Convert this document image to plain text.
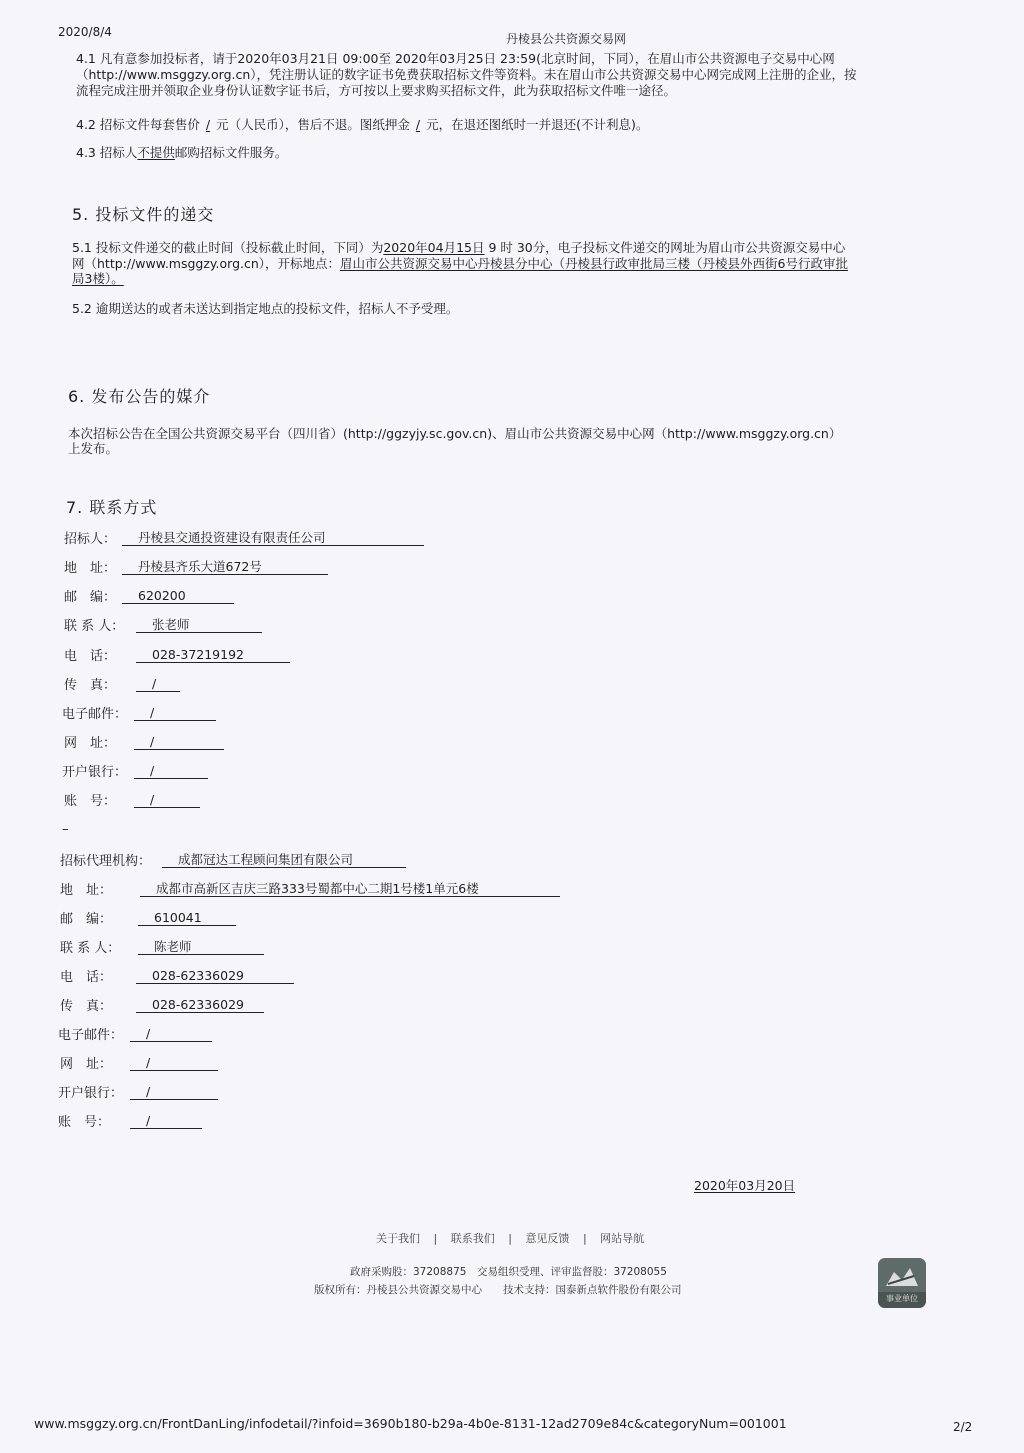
2020/8/4	丹棱县公共资源交易网
4.1 凡有意参加投标者，请于2020年03月21日 09:00至 2020年03月25日 23:59(北京时间，下同），在眉山市公共资源电子交易中心网
（http://www.msggzy.org.cn），凭注册认证的数字证书免费获取招标文件等资料。未在眉山市公共资源交易中心网完成网上注册的企业，按
流程完成注册并领取企业身份认证数字证书后，方可按以上要求购买招标文件，此为获取招标文件唯一途径。
4.2 招标文件每套售价 / 元（人民币），售后不退。图纸押金 / 元，在退还图纸时一并退还(不计利息)。
4.3 招标人不提供邮购招标文件服务。
5. 投标文件的递交
5.1 投标文件递交的截止时间（投标截止时间，下同）为2020年04月15日 9 时 30分，电子投标文件递交的网址为眉山市公共资源交易中心
网（http://www.msggzy.org.cn），开标地点：眉山市公共资源交易中心丹棱县分中心（丹棱县行政审批局三楼（丹棱县外西街6号行政审批
局3楼）。
5.2 逾期送达的或者未送达到指定地点的投标文件，招标人不予受理。
6. 发布公告的媒介
本次招标公告在全国公共资源交易平台（四川省）(http://ggzyjy.sc.gov.cn)、眉山市公共资源交易中心网（http://www.msggzy.org.cn）
上发布。
7. 联系方式
招标人：	丹棱县交通投资建设有限责任公司
地　址：	丹棱县齐乐大道672号
邮　编：	620200
联 系 人：	张老师
电　话：	028-37219192
传　真：	/
电子邮件：	/
网　址：	/
开户银行：	/
账　号：	/
–
招标代理机构：	成都冠达工程顾问集团有限公司
地　址：	成都市高新区吉庆三路333号蜀都中心二期1号楼1单元6楼
邮　编：	610041
联 系 人：	陈老师
电　话：	028-62336029
传　真：	028-62336029
电子邮件：	/
网　址：	/
开户银行：	/
账　号：	/
2020年03月20日
关于我们 | 联系我们 | 意见反馈 | 网站导航
政府采购股：37208875　交易组织受理、评审监督股：37208055
版权所有：丹棱县公共资源交易中心　　技术支持：国泰新点软件股份有限公司
事业单位
www.msggzy.org.cn/FrontDanLing/infodetail/?infoid=3690b180-b29a-4b0e-8131-12ad2709e84c&categoryNum=001001	2/2
